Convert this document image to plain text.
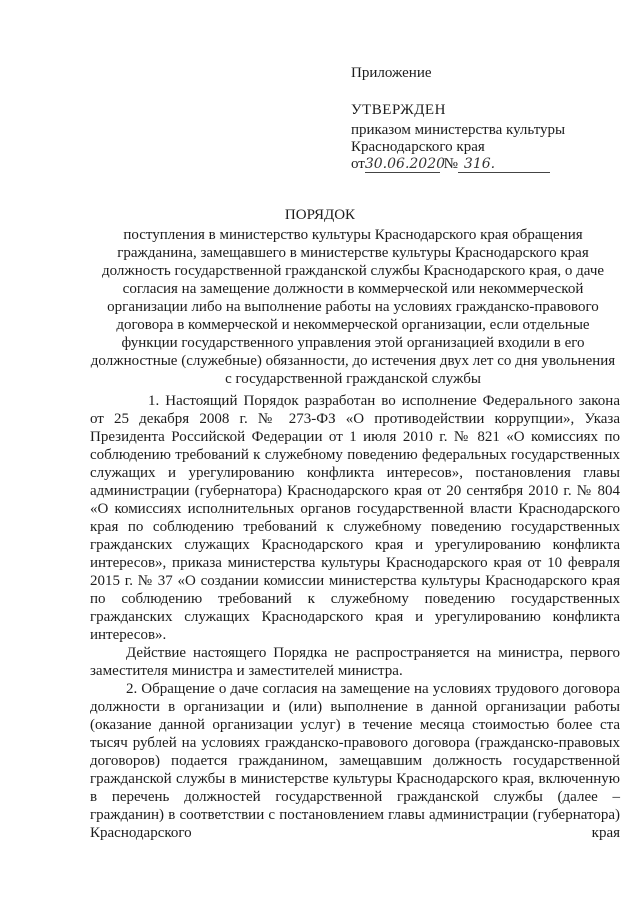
Приложение
УТВЕРЖДЕН
приказом министерства культуры
Краснодарского края
от30.06.2020 № 316.
ПОРЯДОК
поступления в министерство культуры Краснодарского края обращения гражданина, замещавшего в министерстве культуры Краснодарского края должность государственной гражданской службы Краснодарского края, о даче согласия на замещение должности в коммерческой или некоммерческой организации либо на выполнение работы на условиях гражданско-правового договора в коммерческой и некоммерческой организации, если отдельные функции государственного управления этой организацией входили в его должностные (служебные) обязанности, до истечения двух лет со дня увольнения с государственной гражданской службы

1. Настоящий Порядок разработан во исполнение Федерального закона от 25 декабря 2008 г. № 273-ФЗ «О противодействии коррупции», Указа Президента Российской Федерации от 1 июля 2010 г. № 821 «О комиссиях по соблюдению требований к служебному поведению федеральных государственных служащих и урегулированию конфликта интересов», постановления главы администрации (губернатора) Краснодарского края от 20 сентября 2010 г. № 804 «О комиссиях исполнительных органов государственной власти Краснодарского края по соблюдению требований к служебному поведению государственных гражданских служащих Краснодарского края и урегулированию конфликта интересов», приказа министерства культуры Краснодарского края от 10 февраля 2015 г. № 37 «О создании комиссии министерства культуры Краснодарского края по соблюдению требований к служебному поведению государственных гражданских служащих Краснодарского края и урегулированию конфликта интересов».

Действие настоящего Порядка не распространяется на министра, первого заместителя министра и заместителей министра.

2. Обращение о даче согласия на замещение на условиях трудового договора должности в организации и (или) выполнение в данной организации работы (оказание данной организации услуг) в течение месяца стоимостью более ста тысяч рублей на условиях гражданско-правового договора (гражданско-правовых договоров) подается гражданином, замещавшим должность государственной гражданской службы в министерстве культуры Краснодарского края, включенную в перечень должностей государственной гражданской службы (далее – гражданин) в соответствии с постановлением главы администрации (губернатора) Краснодарского края
